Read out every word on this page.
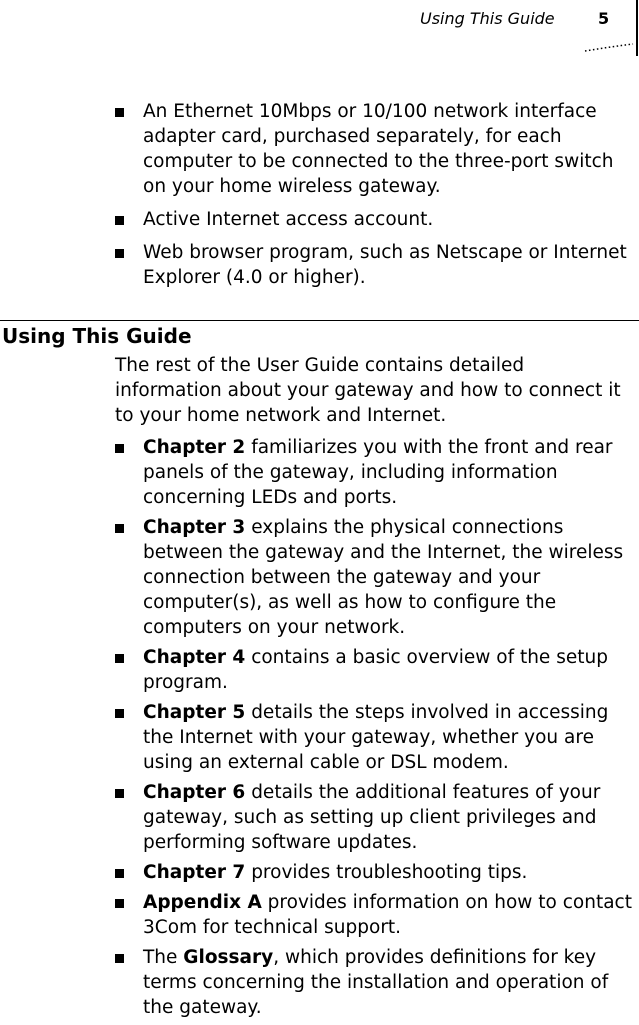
Using This Guide	5
An Ethernet 10Mbps or 10/100 network interface adapter card, purchased separately, for each computer to be connected to the three-port switch on your home wireless gateway.
Active Internet access account.
Web browser program, such as Netscape or Internet Explorer (4.0 or higher).
Using This Guide

The rest of the User Guide contains detailed information about your gateway and how to connect it to your home network and Internet.

Chapter 2 familiarizes you with the front and rear panels of the gateway, including information concerning LEDs and ports.
Chapter 3 explains the physical connections between the gateway and the Internet, the wireless connection between the gateway and your computer(s), as well as how to configure the computers on your network.
Chapter 4 contains a basic overview of the setup program.
Chapter 5 details the steps involved in accessing the Internet with your gateway, whether you are using an external cable or DSL modem.
Chapter 6 details the additional features of your gateway, such as setting up client privileges and performing software updates.
Chapter 7 provides troubleshooting tips.
Appendix A provides information on how to contact 3Com for technical support.
The Glossary, which provides definitions for key terms concerning the installation and operation of the gateway.
